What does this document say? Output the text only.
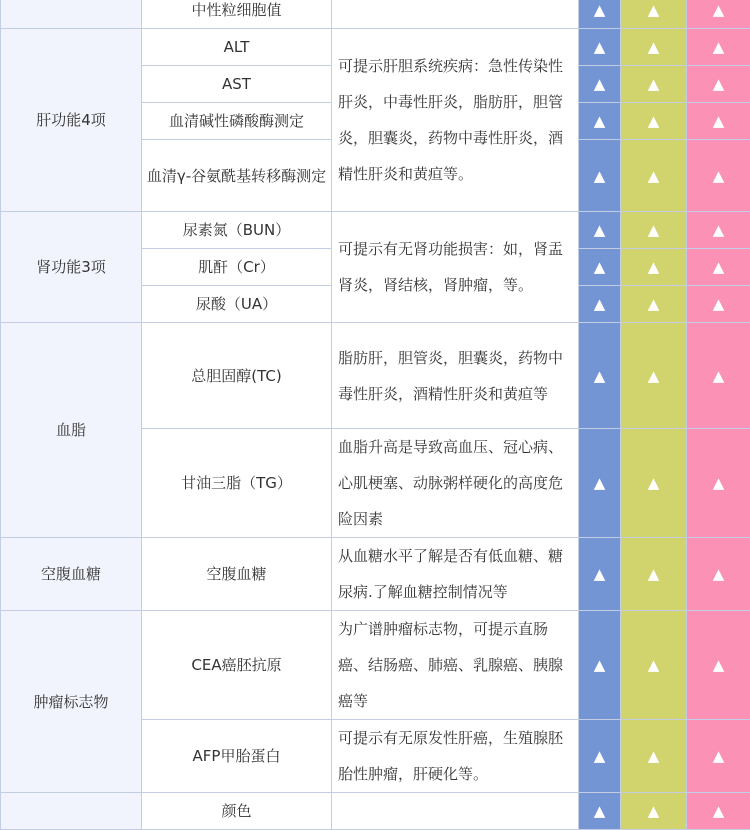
	中性粒细胞值		▲	▲	▲
肝功能4项	ALT	可提示肝胆系统疾病：急性传染性肝炎，中毒性肝炎，脂肪肝，胆管炎，胆囊炎，药物中毒性肝炎，酒精性肝炎和黄疸等。	▲	▲	▲
	AST		▲	▲	▲
	血清碱性磷酸酶测定		▲	▲	▲
	血清γ-谷氨酰基转移酶测定		▲	▲	▲
肾功能3项	尿素氮（BUN）	可提示有无肾功能损害：如，肾盂肾炎，肾结核，肾肿瘤，等。	▲	▲	▲
	肌酐（Cr）		▲	▲	▲
	尿酸（UA）		▲	▲	▲
血脂	总胆固醇(TC)	脂肪肝，胆管炎，胆囊炎，药物中毒性肝炎，酒精性肝炎和黄疸等	▲	▲	▲
	甘油三脂（TG）	血脂升高是导致高血压、冠心病、心肌梗塞、动脉粥样硬化的高度危险因素	▲	▲	▲
空腹血糖	空腹血糖	从血糖水平了解是否有低血糖、糖尿病.了解血糖控制情况等	▲	▲	▲
肿瘤标志物	CEA癌胚抗原	为广谱肿瘤标志物，可提示直肠癌、结肠癌、肺癌、乳腺癌、胰腺癌等	▲	▲	▲
	AFP甲胎蛋白	可提示有无原发性肝癌，生殖腺胚胎性肿瘤，肝硬化等。	▲	▲	▲
	颜色		▲	▲	▲
